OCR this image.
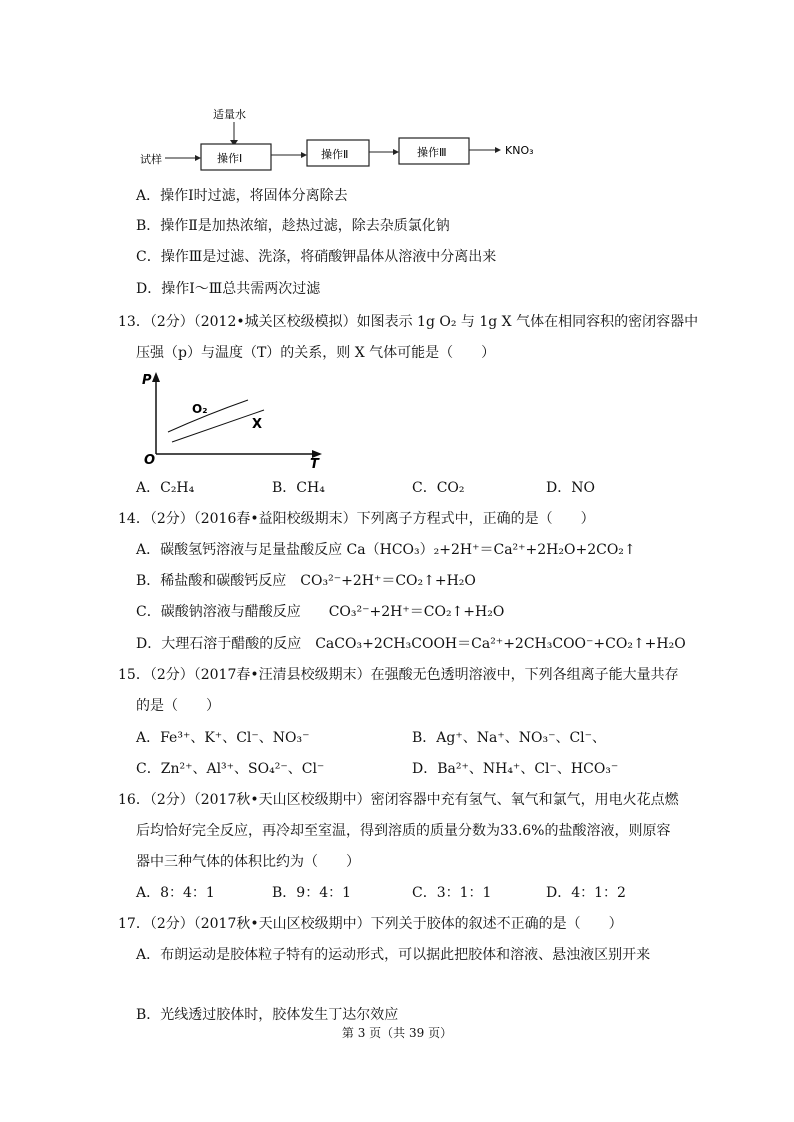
适量水
试样	操作Ⅰ	操作Ⅱ	操作Ⅲ	KNO₃
A．操作Ⅰ时过滤，将固体分离除去
B．操作Ⅱ是加热浓缩，趁热过滤，除去杂质氯化钠
C．操作Ⅲ是过滤、洗涤，将硝酸钾晶体从溶液中分离出来
D．操作Ⅰ～Ⅲ总共需两次过滤
13．（2分）（2012•城关区校级模拟）如图表示 1g O₂ 与 1g X 气体在相同容积的密闭容器中
压强（p）与温度（T）的关系，则 X 气体可能是（　　）
P
T
O
O₂
X
A．C₂H₄	B．CH₄	C．CO₂	D．NO
14．（2分）（2016春•益阳校级期末）下列离子方程式中，正确的是（　　）
A．碳酸氢钙溶液与足量盐酸反应 Ca（HCO₃）₂+2H⁺＝Ca²⁺+2H₂O+2CO₂↑
B．稀盐酸和碳酸钙反应　CO₃²⁻+2H⁺＝CO₂↑+H₂O
C．碳酸钠溶液与醋酸反应　　CO₃²⁻+2H⁺＝CO₂↑+H₂O
D．大理石溶于醋酸的反应　CaCO₃+2CH₃COOH＝Ca²⁺+2CH₃COO⁻+CO₂↑+H₂O
15．（2分）（2017春•汪清县校级期末）在强酸无色透明溶液中，下列各组离子能大量共存
的是（　　）
A．Fe³⁺、K⁺、Cl⁻、NO₃⁻	B．Ag⁺、Na⁺、NO₃⁻、Cl⁻、
C．Zn²⁺、Al³⁺、SO₄²⁻、Cl⁻	D．Ba²⁺、NH₄⁺、Cl⁻、HCO₃⁻
16．（2分）（2017秋•天山区校级期中）密闭容器中充有氢气、氧气和氯气，用电火花点燃
后均恰好完全反应，再冷却至室温，得到溶质的质量分数为33.6%的盐酸溶液，则原容
器中三种气体的体积比约为（　　）
A．8：4：1	B．9：4：1	C．3：1：1	D．4：1：2
17．（2分）（2017秋•天山区校级期中）下列关于胶体的叙述不正确的是（　　）
A．布朗运动是胶体粒子特有的运动形式，可以据此把胶体和溶液、悬浊液区别开来
B．光线透过胶体时，胶体发生丁达尔效应
第 3 页（共 39 页）
